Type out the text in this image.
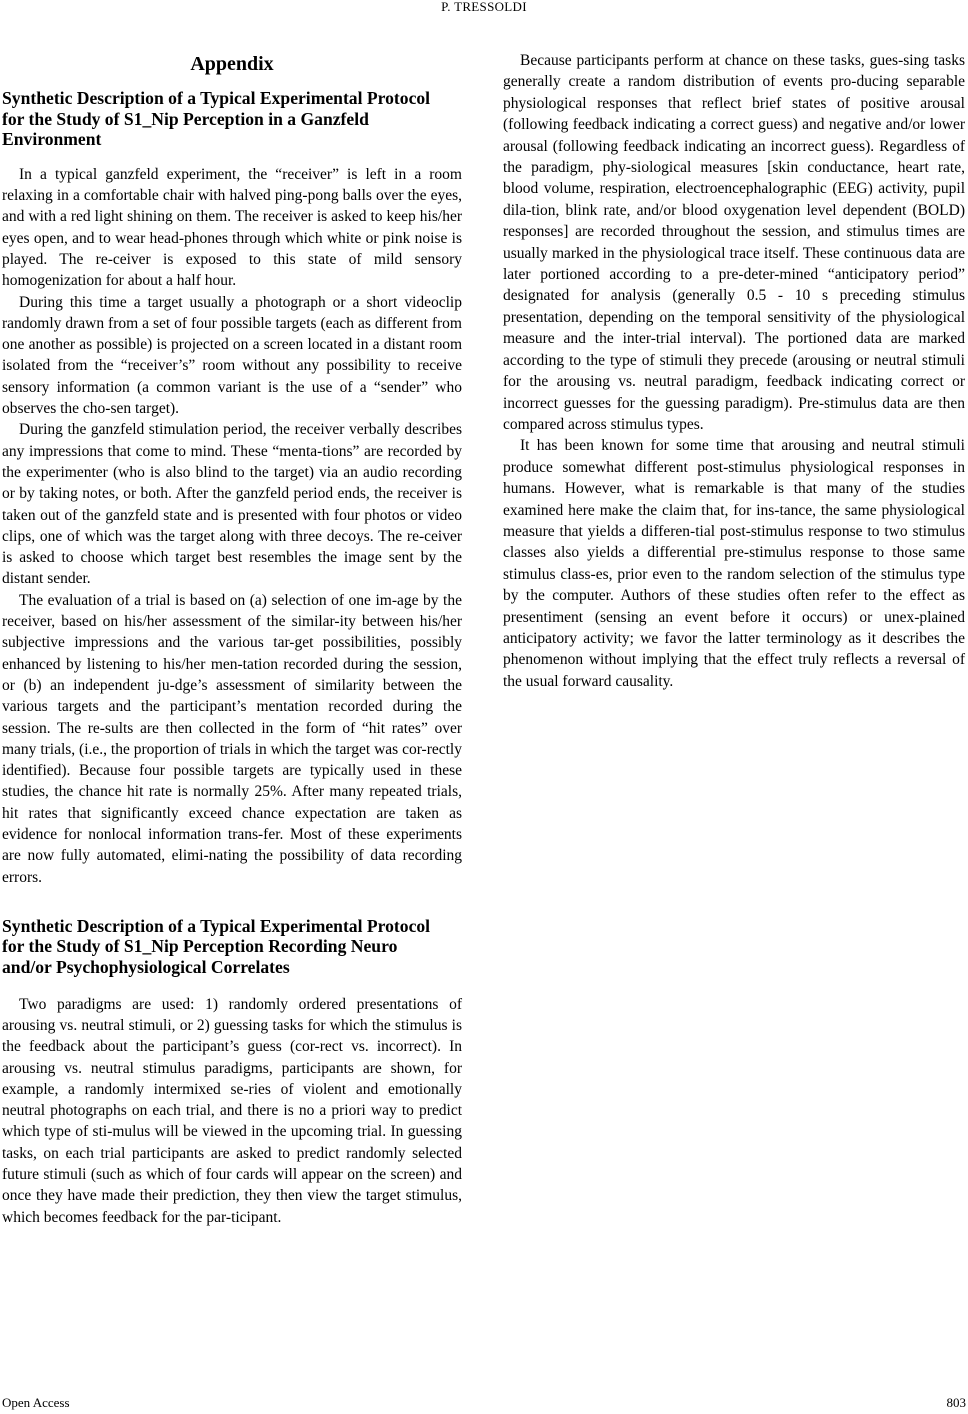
P. TRESSOLDI
Appendix
Synthetic Description of a Typical Experimental Protocol for the Study of S1_Nip Perception in a Ganzfeld Environment

In a typical ganzfeld experiment, the “receiver” is left in a room relaxing in a comfortable chair with halved ping-pong balls over the eyes, and with a red light shining on them. The receiver is asked to keep his/her eyes open, and to wear head-phones through which white or pink noise is played. The re-ceiver is exposed to this state of mild sensory homogenization for about a half hour.

During this time a target usually a photograph or a short videoclip randomly drawn from a set of four possible targets (each as different from one another as possible) is projected on a screen located in a distant room isolated from the “receiver’s” room without any possibility to receive sensory information (a common variant is the use of a “sender” who observes the cho-sen target).

During the ganzfeld stimulation period, the receiver verbally describes any impressions that come to mind. These “menta-tions” are recorded by the experimenter (who is also blind to the target) via an audio recording or by taking notes, or both. After the ganzfeld period ends, the receiver is taken out of the ganzfeld state and is presented with four photos or video clips, one of which was the target along with three decoys. The re-ceiver is asked to choose which target best resembles the image sent by the distant sender.

The evaluation of a trial is based on (a) selection of one im-age by the receiver, based on his/her assessment of the similar-ity between his/her subjective impressions and the various tar-get possibilities, possibly enhanced by listening to his/her men-tation recorded during the session, or (b) an independent ju-dge’s assessment of similarity between the various targets and the participant’s mentation recorded during the session. The re-sults are then collected in the form of “hit rates” over many trials, (i.e., the proportion of trials in which the target was cor-rectly identified). Because four possible targets are typically used in these studies, the chance hit rate is normally 25%. After many repeated trials, hit rates that significantly exceed chance expectation are taken as evidence for nonlocal information trans-fer. Most of these experiments are now fully automated, elimi-nating the possibility of data recording errors.

Synthetic Description of a Typical Experimental Protocol for the Study of S1_Nip Perception Recording Neuro and/or Psychophysiological Correlates

Two paradigms are used: 1) randomly ordered presentations of arousing vs. neutral stimuli, or 2) guessing tasks for which the stimulus is the feedback about the participant’s guess (cor-rect vs. incorrect). In arousing vs. neutral stimulus paradigms, participants are shown, for example, a randomly intermixed se-ries of violent and emotionally neutral photographs on each trial, and there is no a priori way to predict which type of sti-mulus will be viewed in the upcoming trial. In guessing tasks, on each trial participants are asked to predict randomly selected future stimuli (such as which of four cards will appear on the screen) and once they have made their prediction, they then view the target stimulus, which becomes feedback for the par-ticipant.

Because participants perform at chance on these tasks, gues-sing tasks generally create a random distribution of events pro-ducing separable physiological responses that reflect brief states of positive arousal (following feedback indicating a correct guess) and negative and/or lower arousal (following feedback indicating an incorrect guess). Regardless of the paradigm, phy-siological measures [skin conductance, heart rate, blood volume, respiration, electroencephalographic (EEG) activity, pupil dila-tion, blink rate, and/or blood oxygenation level dependent (BOLD) responses] are recorded throughout the session, and stimulus times are usually marked in the physiological trace itself. These continuous data are later portioned according to a pre-deter-mined “anticipatory period” designated for analysis (generally 0.5 - 10 s preceding stimulus presentation, depending on the temporal sensitivity of the physiological measure and the inter-trial interval). The portioned data are marked according to the type of stimuli they precede (arousing or neutral stimuli for the arousing vs. neutral paradigm, feedback indicating correct or incorrect guesses for the guessing paradigm). Pre-stimulus data are then compared across stimulus types.

It has been known for some time that arousing and neutral stimuli produce somewhat different post-stimulus physiological responses in humans. However, what is remarkable is that many of the studies examined here make the claim that, for ins-tance, the same physiological measure that yields a differen-tial post-stimulus response to two stimulus classes also yields a differential pre-stimulus response to those same stimulus class-es, prior even to the random selection of the stimulus type by the computer. Authors of these studies often refer to the effect as presentiment (sensing an event before it occurs) or unex-plained anticipatory activity; we favor the latter terminology as it describes the phenomenon without implying that the effect truly reflects a reversal of the usual forward causality.

Open Access	803
